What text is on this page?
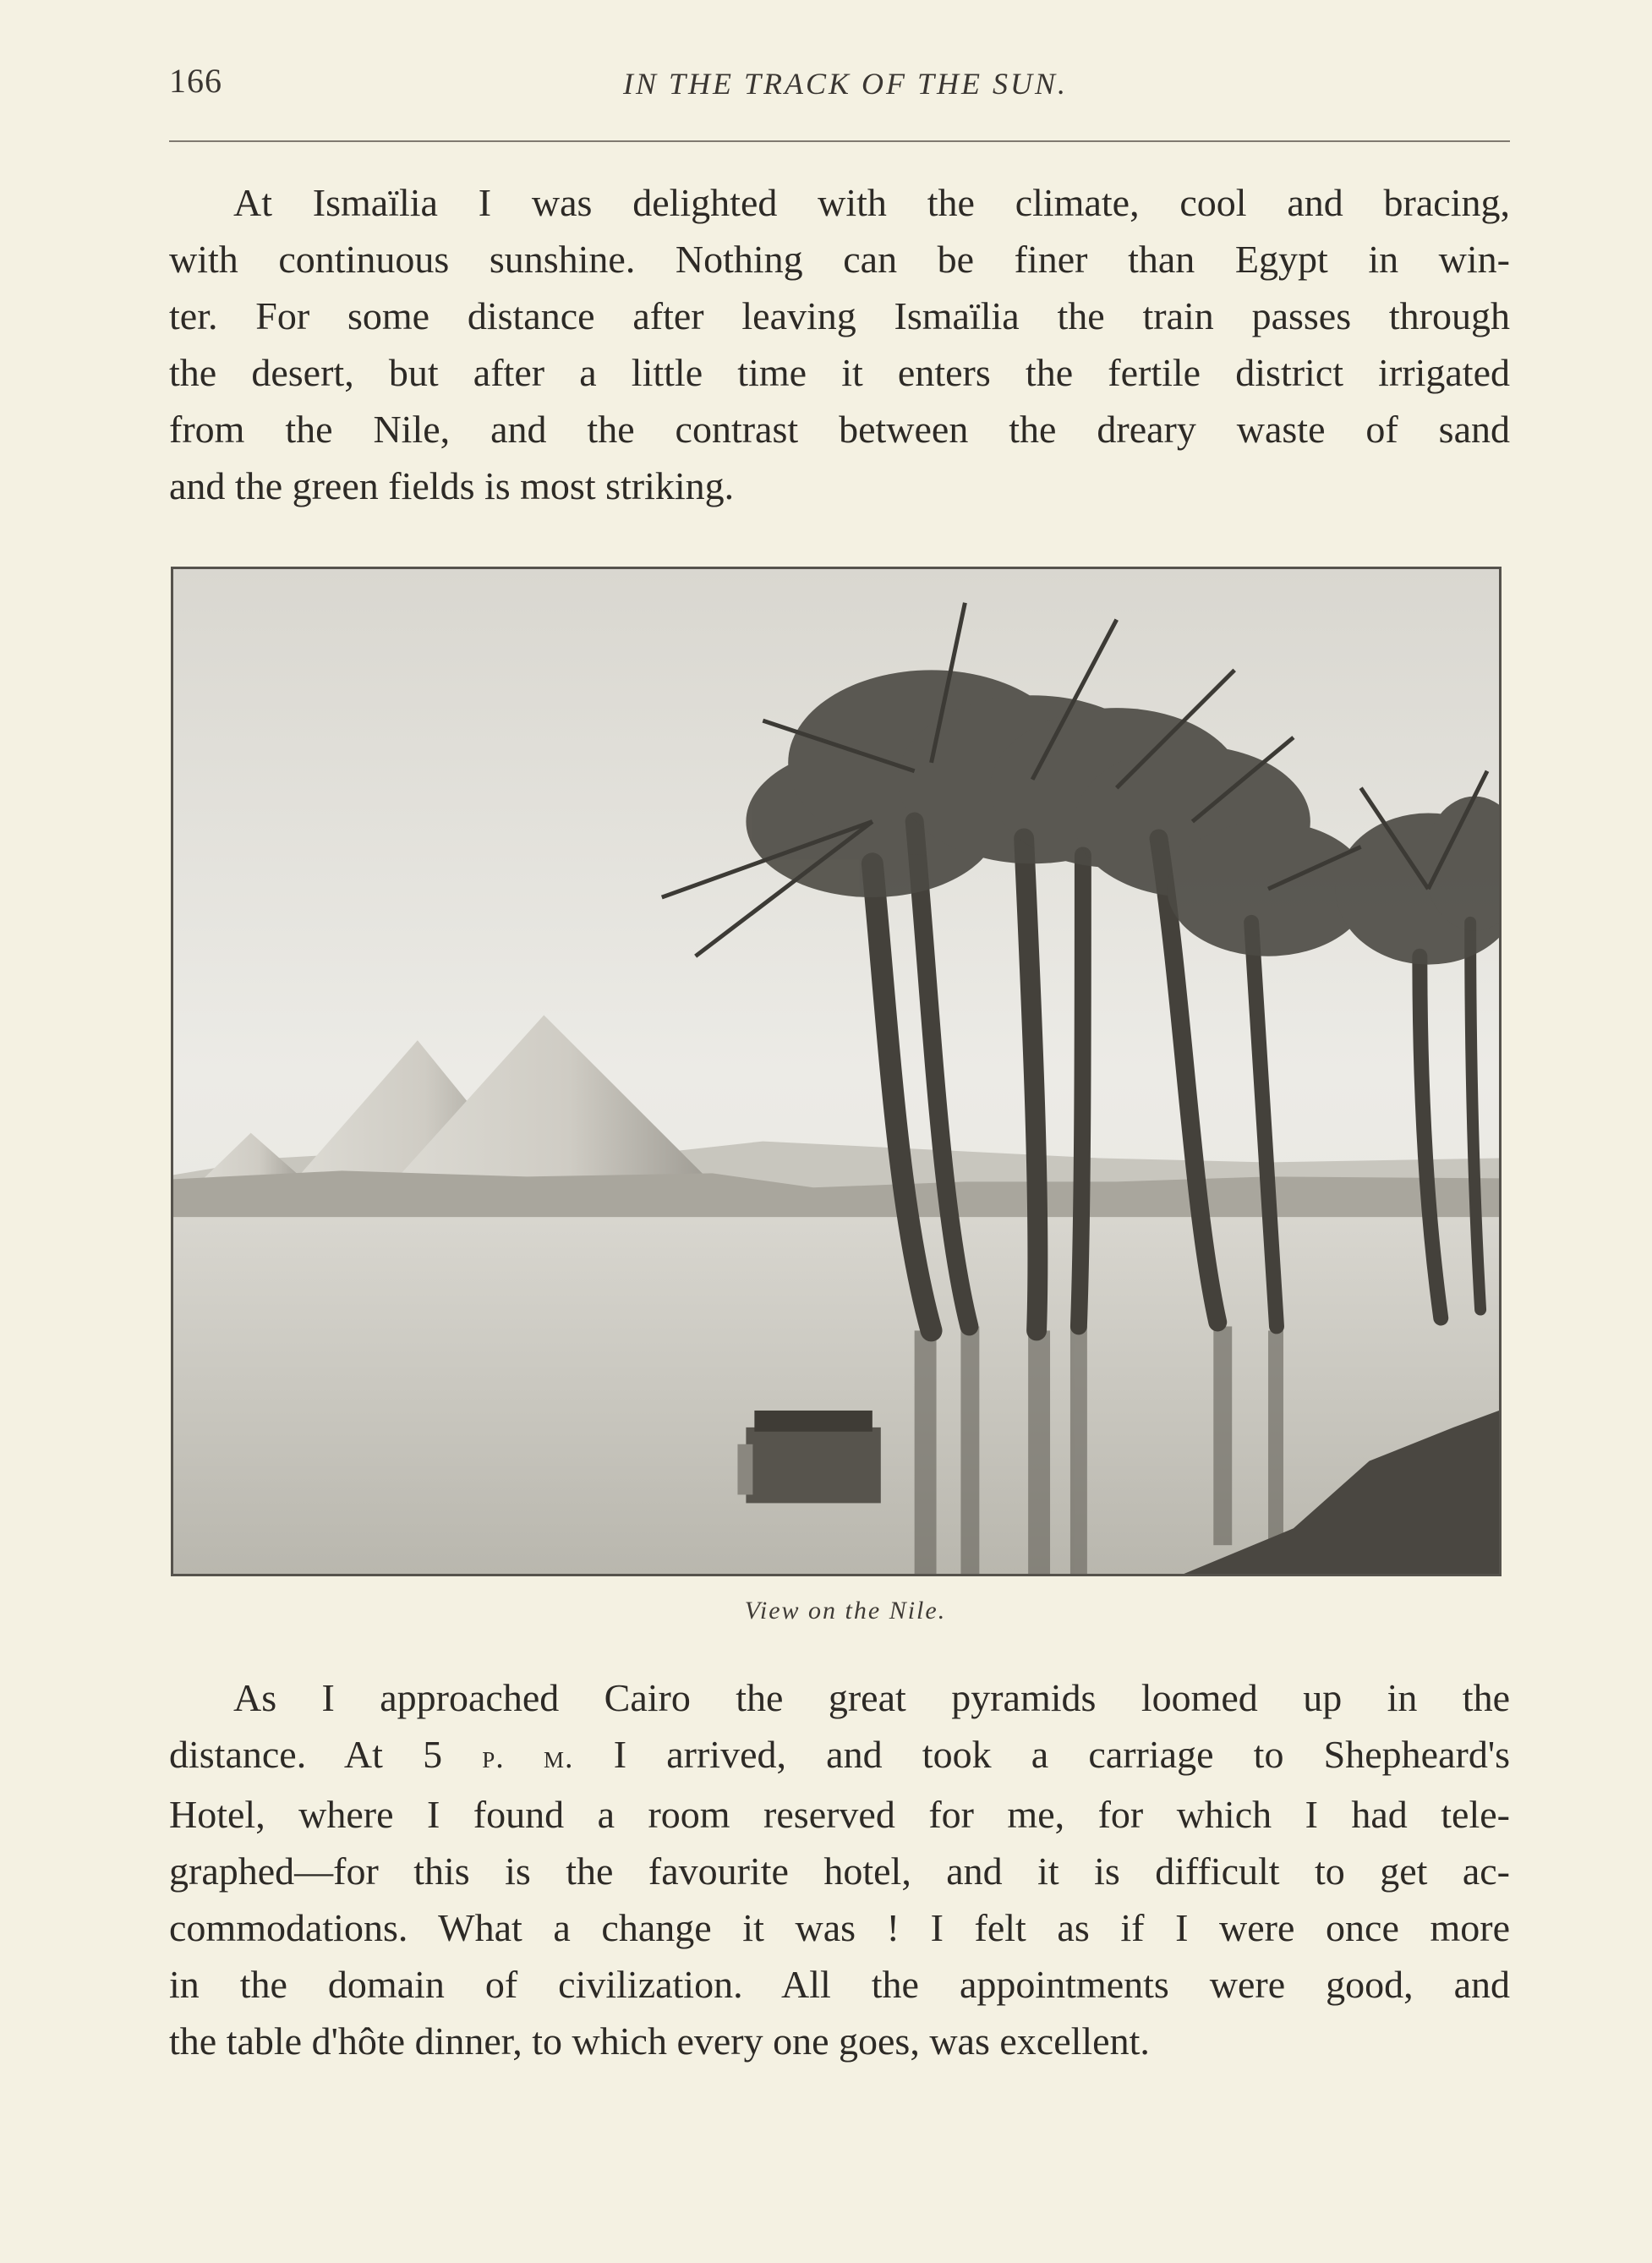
166	IN THE TRACK OF THE SUN.
At Ismaïlia I was delighted with the climate, cool and bracing,
with continuous sunshine. Nothing can be finer than Egypt in win-
ter. For some distance after leaving Ismaïlia the train passes through
the desert, but after a little time it enters the fertile district irrigated
from the Nile, and the contrast between the dreary waste of sand
and the green fields is most striking.
View on the Nile.
As I approached Cairo the great pyramids loomed up in the
distance. At 5 p. m. I arrived, and took a carriage to Shepheard's
Hotel, where I found a room reserved for me, for which I had tele-
graphed—for this is the favourite hotel, and it is difficult to get ac-
commodations. What a change it was ! I felt as if I were once more
in the domain of civilization. All the appointments were good, and
the table d'hôte dinner, to which every one goes, was excellent.
